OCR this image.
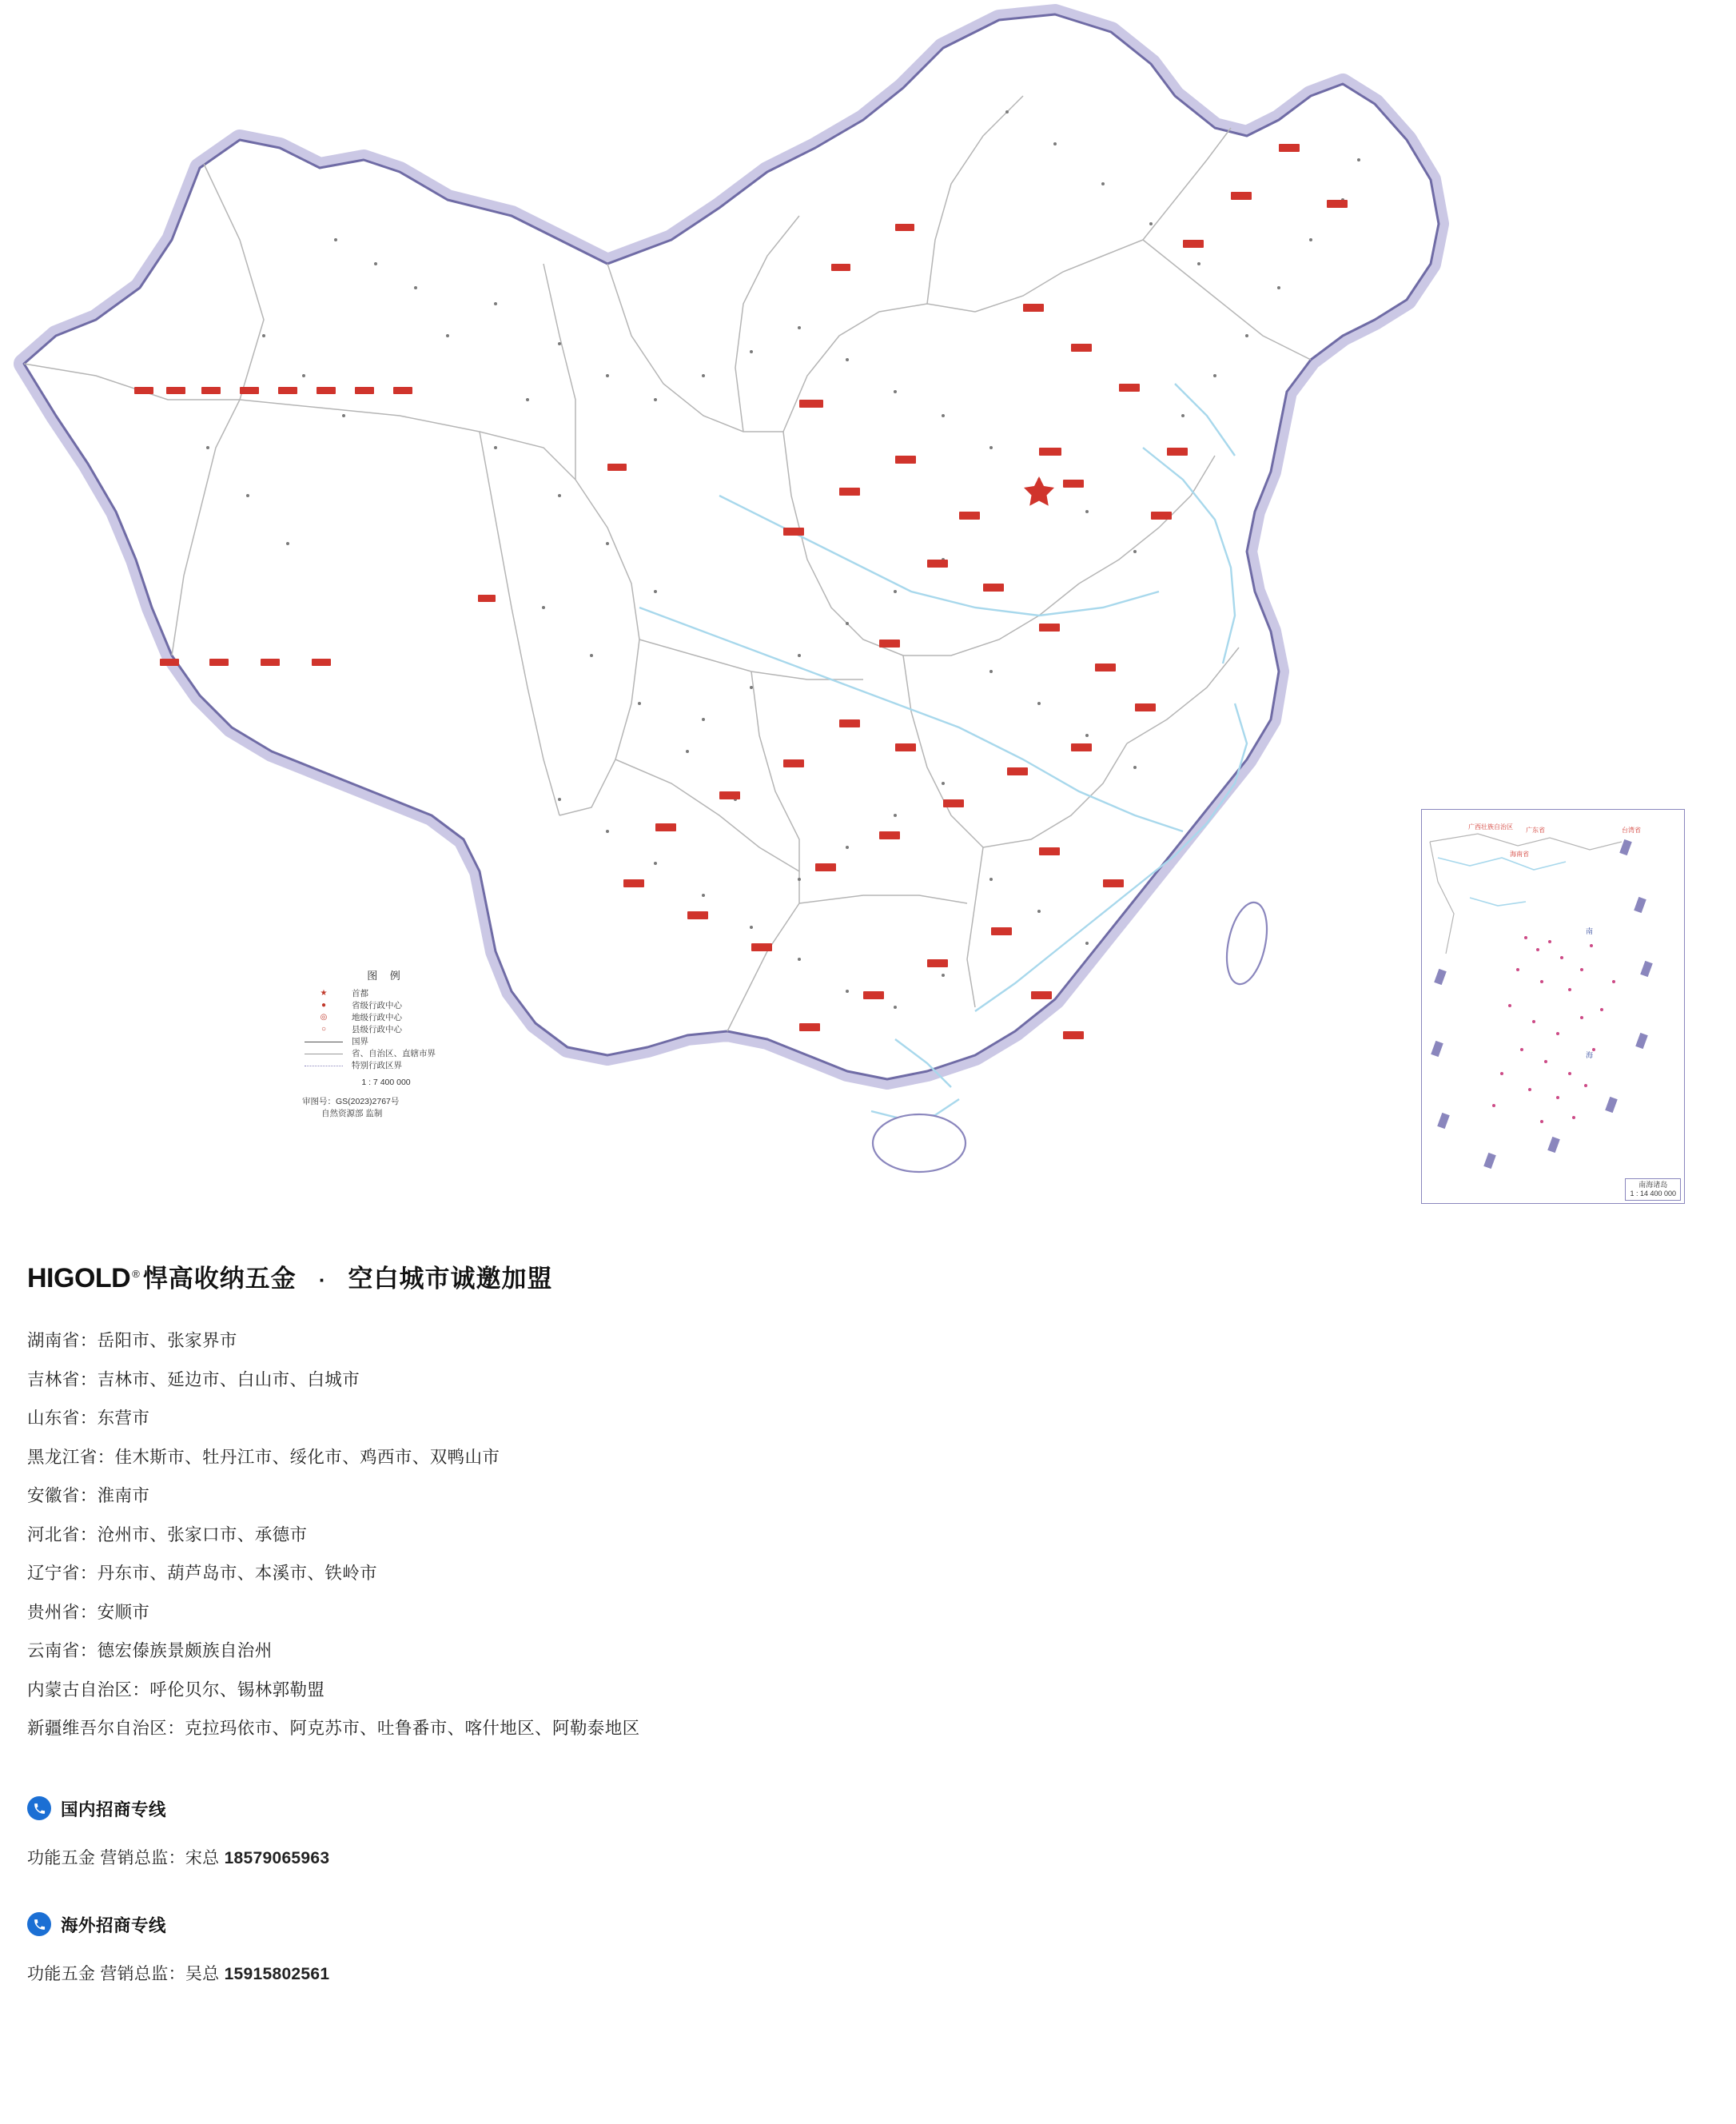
图 例
★	首都
●	省级行政中心
◎	地级行政中心
○	县级行政中心
国界
省、自治区、直辖市界
特别行政区界
1 : 7 400 000
审图号：GS(2023)2767号
自然资源部 监制
广西壮族自治区 广东省	台湾省
海南省
南
海
南海诸岛
1 : 14 400 000
HIGOLD ® 悍高收纳五金	· 空白城市诚邀加盟
湖南省：岳阳市、张家界市
吉林省：吉林市、延边市、白山市、白城市
山东省：东营市
黑龙江省：佳木斯市、牡丹江市、绥化市、鸡西市、双鸭山市
安徽省：淮南市
河北省：沧州市、张家口市、承德市
辽宁省：丹东市、葫芦岛市、本溪市、铁岭市
贵州省：安顺市
云南省：德宏傣族景颇族自治州
内蒙古自治区：呼伦贝尔、锡林郭勒盟
新疆维吾尔自治区：克拉玛依市、阿克苏市、吐鲁番市、喀什地区、阿勒泰地区
国内招商专线
功能五金 营销总监：宋总 18579065963
海外招商专线
功能五金 营销总监：吴总 15915802561
